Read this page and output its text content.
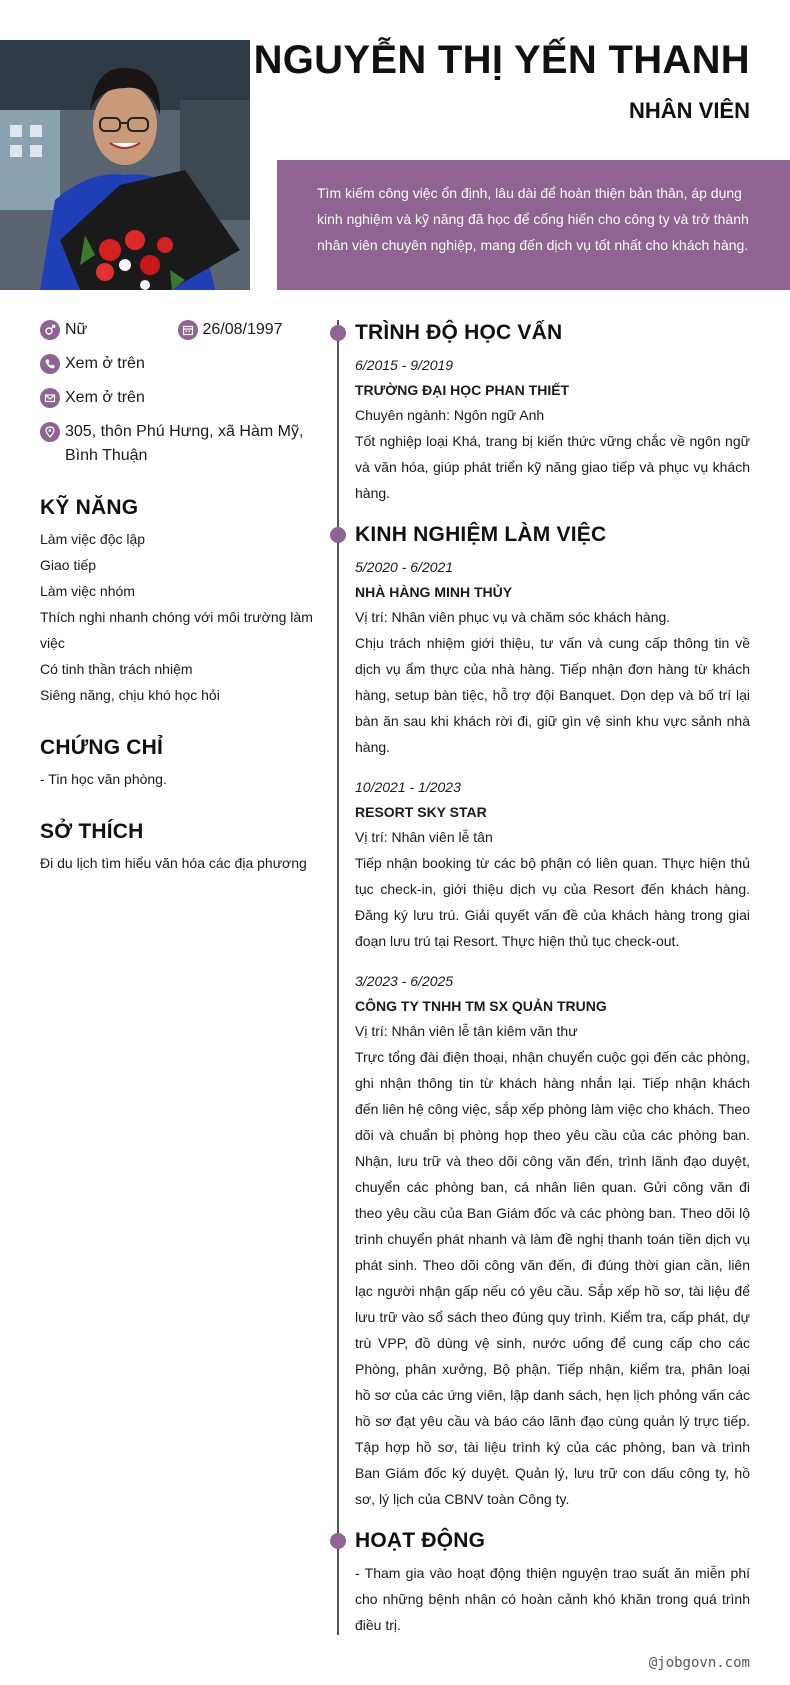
NGUYỄN THỊ YẾN THANH
NHÂN VIÊN
Tìm kiếm công việc ổn định, lâu dài để hoàn thiện bản thân, áp dụng kinh nghiệm và kỹ năng đã học để cống hiến cho công ty và trở thành nhân viên chuyên nghiệp, mang đến dịch vụ tốt nhất cho khách hàng.
Nữ	26/08/1997
Xem ở trên
Xem ở trên
305, thôn Phú Hưng, xã Hàm Mỹ, Bình Thuận
KỸ NĂNG
Làm việc độc lập
Giao tiếp
Làm việc nhóm
Thích nghi nhanh chóng với môi trường làm việc
Có tinh thần trách nhiệm
Siêng năng, chịu khó học hỏi
CHỨNG CHỈ
- Tin học văn phòng.
SỞ THÍCH
Đi du lịch tìm hiểu văn hóa các địa phương
TRÌNH ĐỘ HỌC VẤN
6/2015 - 9/2019
TRƯỜNG ĐẠI HỌC PHAN THIẾT
Chuyên ngành: Ngôn ngữ Anh
Tốt nghiệp loại Khá, trang bị kiến thức vững chắc về ngôn ngữ và văn hóa, giúp phát triển kỹ năng giao tiếp và phục vụ khách hàng.
KINH NGHIỆM LÀM VIỆC
5/2020 - 6/2021
NHÀ HÀNG MINH THỦY
Vị trí: Nhân viên phục vụ và chăm sóc khách hàng.
Chịu trách nhiệm giới thiệu, tư vấn và cung cấp thông tin về dịch vụ ẩm thực của nhà hàng. Tiếp nhận đơn hàng từ khách hàng, setup bàn tiệc, hỗ trợ đội Banquet. Dọn dẹp và bố trí lại bàn ăn sau khi khách rời đi, giữ gìn vệ sinh khu vực sảnh nhà hàng.
10/2021 - 1/2023
RESORT SKY STAR
Vị trí: Nhân viên lễ tân
Tiếp nhận booking từ các bộ phận có liên quan. Thực hiện thủ tục check-in, giới thiệu dịch vụ của Resort đến khách hàng. Đăng ký lưu trú. Giải quyết vấn đề của khách hàng trong giai đoạn lưu trú tại Resort. Thực hiện thủ tục check-out.
3/2023 - 6/2025
CÔNG TY TNHH TM SX QUẢN TRUNG
Vị trí: Nhân viên lễ tân kiêm văn thư
Trực tổng đài điện thoại, nhận chuyển cuộc gọi đến các phòng, ghi nhận thông tin từ khách hàng nhắn lại. Tiếp nhận khách đến liên hệ công việc, sắp xếp phòng làm việc cho khách. Theo dõi và chuẩn bị phòng họp theo yêu cầu của các phòng ban. Nhận, lưu trữ và theo dõi công văn đến, trình lãnh đạo duyệt, chuyển các phòng ban, cá nhân liên quan. Gửi công văn đi theo yêu cầu của Ban Giám đốc và các phòng ban. Theo dõi lộ trình chuyển phát nhanh và làm đề nghị thanh toán tiền dịch vụ phát sinh. Theo dõi công văn đến, đi đúng thời gian cần, liên lạc người nhận gấp nếu có yêu cầu. Sắp xếp hồ sơ, tài liệu để lưu trữ vào sổ sách theo đúng quy trình. Kiểm tra, cấp phát, dự trù VPP, đồ dùng vệ sinh, nước uống để cung cấp cho các Phòng, phân xưởng, Bộ phận. Tiếp nhận, kiểm tra, phân loại hồ sơ của các ứng viên, lập danh sách, hẹn lịch phỏng vấn các hồ sơ đạt yêu cầu và báo cáo lãnh đạo cùng quản lý trực tiếp. Tập hợp hồ sơ, tài liệu trình ký của các phòng, ban và trình Ban Giám đốc ký duyệt. Quản lý, lưu trữ con dấu công ty, hồ sơ, lý lịch của CBNV toàn Công ty.
HOẠT ĐỘNG
- Tham gia vào hoạt động thiện nguyện trao suất ăn miễn phí cho những bệnh nhân có hoàn cảnh khó khăn trong quá trình điều trị.
@jobgovn.com
